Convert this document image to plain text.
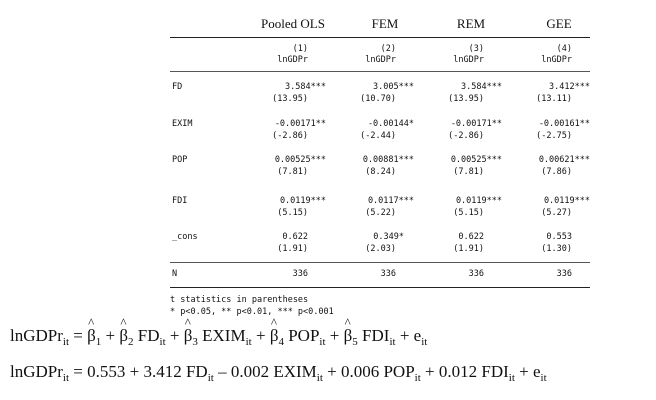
Pooled OLS	FEM	REM	GEE
(1)	(2)	(3)	(4)
lnGDPr	lnGDPr	lnGDPr	lnGDPr
FD	3.584***	3.005***	3.584***	3.412***
(13.95)	(10.70)	(13.95)	(13.11)
EXIM	-0.00171**	-0.00144*	-0.00171**	-0.00161**
(-2.86)	(-2.44)	(-2.86)	(-2.75)
POP	0.00525***	0.00881***	0.00525***	0.00621***
(7.81)	(8.24)	(7.81)	(7.86)
FDI	0.0119***	0.0117***	0.0119***	0.0119***
(5.15)	(5.22)	(5.15)	(5.27)
_cons	0.622	0.349*	0.622	0.553
(1.91)	(2.03)	(1.91)	(1.30)
N	336	336	336	336
t statistics in parentheses
* p<0.05, ** p<0.01, *** p<0.001
lnGDPr$_{it}$ = ^ $\beta_1$ + ^ $\beta_2$ $FD_{it}$ + ^ $\beta_3$ $EXIM_{it}$ + ^ $\beta_4$ $POP_{it}$ + ^ $\beta_5$ $FDI_{it} + e_{it}$
lnGDPr$_{it}$ = 0.553 + 3.412 $FD_{it} - 0.002$ $EXIM_{it} + 0.006$ $POP_{it} + 0.012$ $FDI_{it} + e_{it}$
